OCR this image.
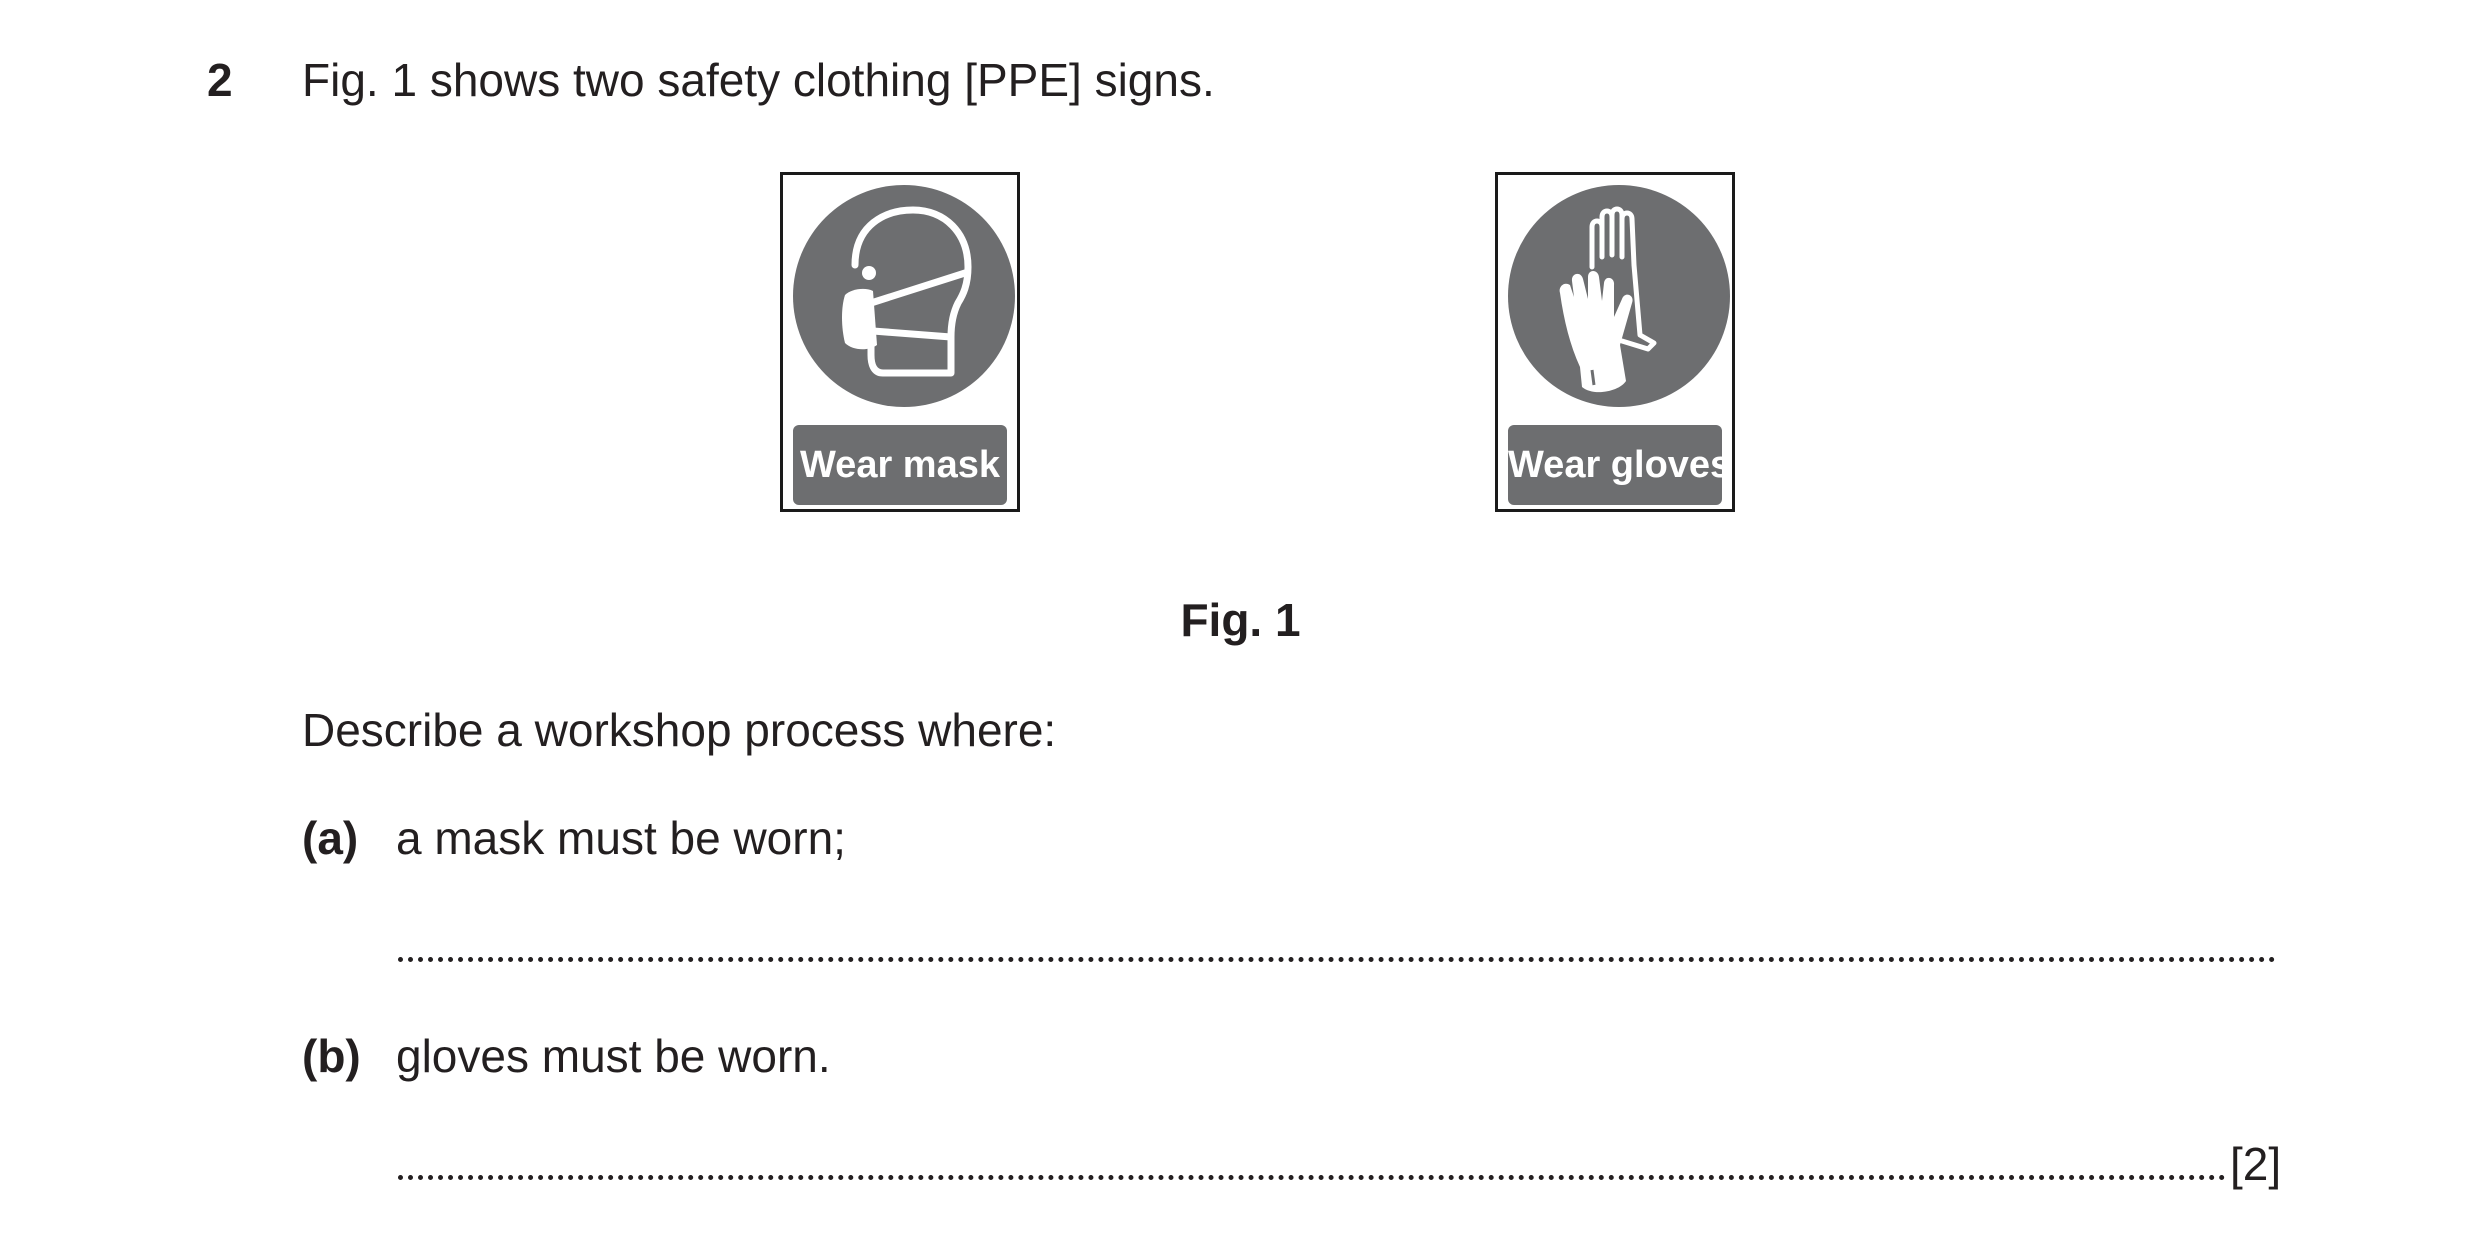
2 Fig. 1 shows two safety clothing [PPE] signs.
Wear mask	Wear gloves
Fig. 1
Describe a workshop process where:
(a) a mask must be worn;
(b) gloves must be worn.
[2]
